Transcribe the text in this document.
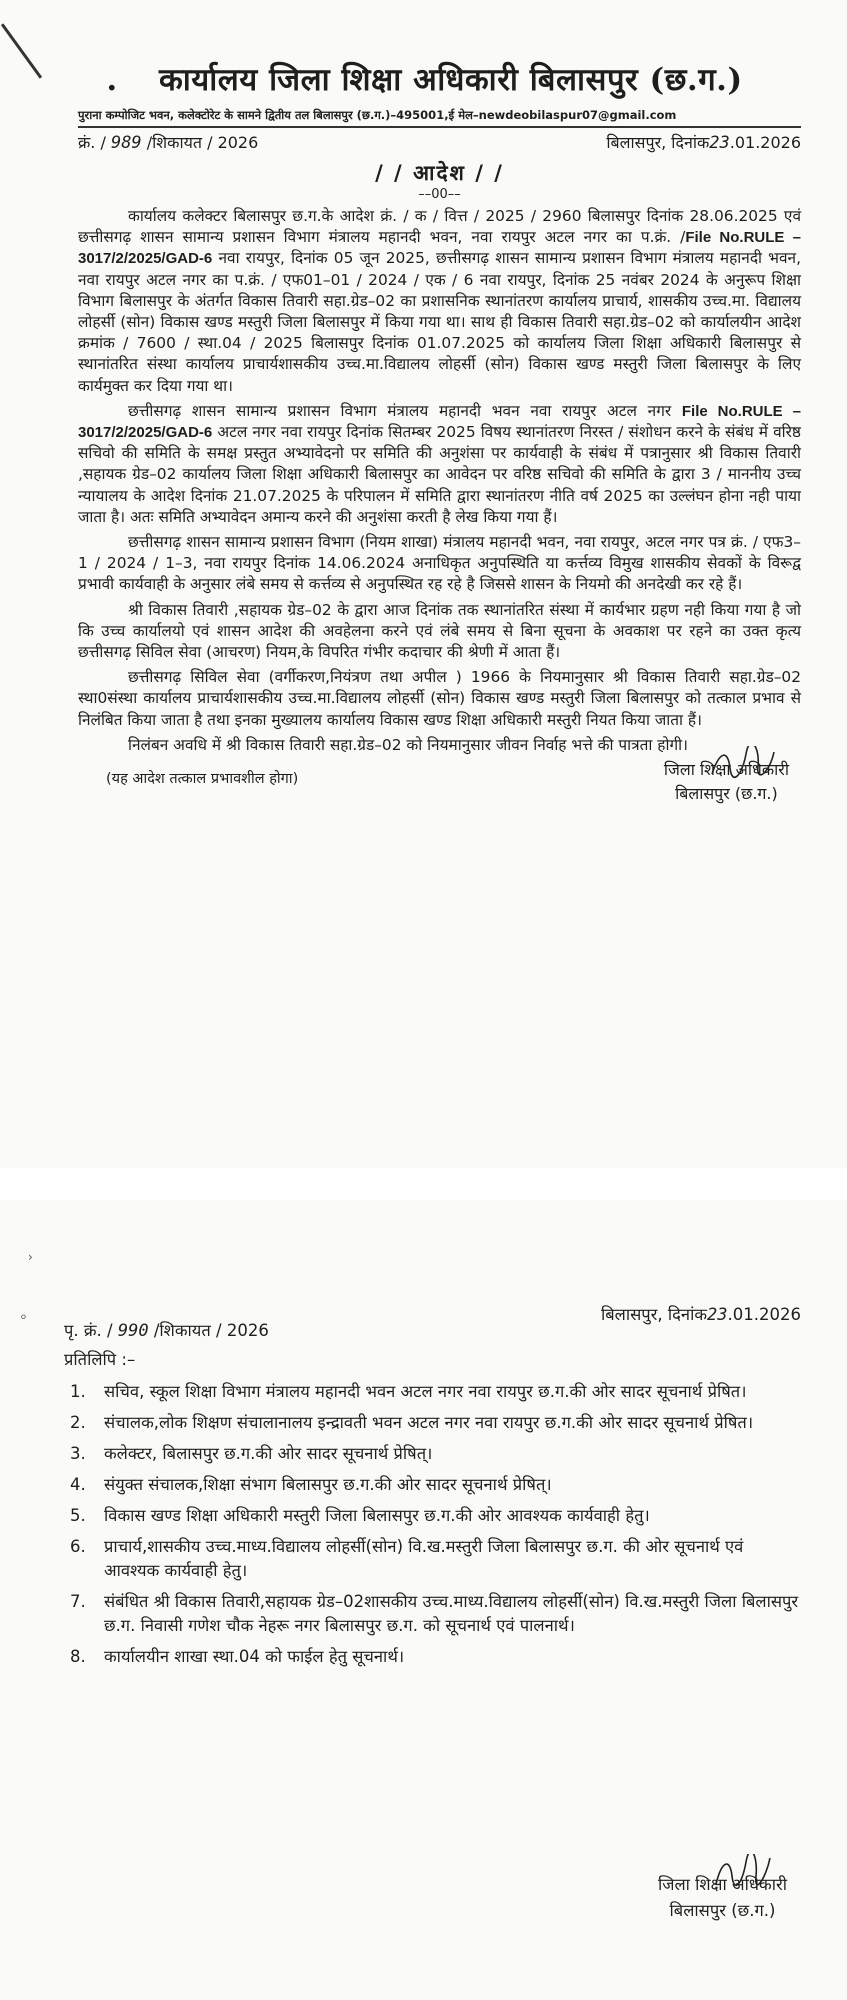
. कार्यालय जिला शिक्षा अधिकारी बिलासपुर (छ.ग.)
पुराना कम्पोजिट भवन, कलेक्टोरेट के सामने द्वितीय तल बिलासपुर (छ.ग.)–495001,ई मेल–newdeobilaspur07@gmail.com
क्रं. / 989 /शिकायत / 2026	बिलासपुर, दिनांक23.01.2026
/ / आदेश / /
––00––

कार्यालय कलेक्टर बिलासपुर छ.ग.के आदेश क्रं. / क / वित्त / 2025 / 2960 बिलासपुर दिनांक 28.06.2025 एवं छत्तीसगढ़ शासन सामान्य प्रशासन विभाग मंत्रालय महानदी भवन, नवा रायपुर अटल नगर का प.क्रं. /File No.RULE – 3017/2/2025/GAD-6 नवा रायपुर, दिनांक 05 जून 2025, छत्तीसगढ़ शासन सामान्य प्रशासन विभाग मंत्रालय महानदी भवन, नवा रायपुर अटल नगर का प.क्रं. / एफ01–01 / 2024 / एक / 6 नवा रायपुर, दिनांक 25 नवंबर 2024 के अनुरूप शिक्षा विभाग बिलासपुर के अंतर्गत विकास तिवारी सहा.ग्रेड–02 का प्रशासनिक स्थानांतरण कार्यालय प्राचार्य, शासकीय उच्च.मा. विद्यालय लोहर्सी (सोन) विकास खण्ड मस्तुरी जिला बिलासपुर में किया गया था। साथ ही विकास तिवारी सहा.ग्रेड–02 को कार्यालयीन आदेश क्रमांक / 7600 / स्था.04 / 2025 बिलासपुर दिनांक 01.07.2025 को कार्यालय जिला शिक्षा अधिकारी बिलासपुर से स्थानांतरित संस्था कार्यालय प्राचार्यशासकीय उच्च.मा.विद्यालय लोहर्सी (सोन) विकास खण्ड मस्तुरी जिला बिलासपुर के लिए कार्यमुक्त कर दिया गया था।

छत्तीसगढ़ शासन सामान्य प्रशासन विभाग मंत्रालय महानदी भवन नवा रायपुर अटल नगर File No.RULE – 3017/2/2025/GAD-6 अटल नगर नवा रायपुर दिनांक सितम्बर 2025 विषय स्थानांतरण निरस्त / संशोधन करने के संबंध में वरिष्ठ सचिवो की समिति के समक्ष प्रस्तुत अभ्यावेदनो पर समिति की अनुशंसा पर कार्यवाही के संबंध में पत्रानुसार श्री विकास तिवारी ,सहायक ग्रेड–02 कार्यालय जिला शिक्षा अधिकारी बिलासपुर का आवेदन पर वरिष्ठ सचिवो की समिति के द्वारा 3 / माननीय उच्च न्यायालय के आदेश दिनांक 21.07.2025 के परिपालन में समिति द्वारा स्थानांतरण नीति वर्ष 2025 का उल्लंघन होना नही पाया जाता है। अतः समिति अभ्यावेदन अमान्य करने की अनुशंसा करती है लेख किया गया हैं।

छत्तीसगढ़ शासन सामान्य प्रशासन विभाग (नियम शाखा) मंत्रालय महानदी भवन, नवा रायपुर, अटल नगर पत्र क्रं. / एफ3–1 / 2024 / 1–3, नवा रायपुर दिनांक 14.06.2024 अनाधिकृत अनुपस्थिति या कर्त्तव्य विमुख शासकीय सेवकों के विरूद्व प्रभावी कार्यवाही के अनुसार लंबे समय से कर्त्तव्य से अनुपस्थित रह रहे है जिससे शासन के नियमो की अनदेखी कर रहे हैं।

श्री विकास तिवारी ,सहायक ग्रेड–02 के द्वारा आज दिनांक तक स्थानांतरित संस्था में कार्यभार ग्रहण नही किया गया है जो कि उच्च कार्यालयो एवं शासन आदेश की अवहेलना करने एवं लंबे समय से बिना सूचना के अवकाश पर रहने का उक्त कृत्य छत्तीसगढ़ सिविल सेवा (आचरण) नियम,के विपरित गंभीर कदाचार की श्रेणी में आता हैं।

छत्तीसगढ़ सिविल सेवा (वर्गीकरण,नियंत्रण तथा अपील ) 1966 के नियमानुसार श्री विकास तिवारी सहा.ग्रेड–02 स्था0संस्था कार्यालय प्राचार्यशासकीय उच्च.मा.विद्यालय लोहर्सी (सोन) विकास खण्ड मस्तुरी जिला बिलासपुर को तत्काल प्रभाव से निलंबित किया जाता है तथा इनका मुख्यालय कार्यालय विकास खण्ड शिक्षा अधिकारी मस्तुरी नियत किया जाता हैं।

निलंबन अवधि में श्री विकास तिवारी सहा.ग्रेड–02 को नियमानुसार जीवन निर्वाह भत्ते की पात्रता होगी।

(यह आदेश तत्काल प्रभावशील होगा)	जिला शिक्षा अधिकारी
बिलासपुर (छ.ग.)
›
⸰
पृ. क्रं. / 990 /शिकायत / 2026
बिलासपुर, दिनांक23.01.2026
प्रतिलिपि :–
1.	सचिव, स्कूल शिक्षा विभाग मंत्रालय महानदी भवन अटल नगर नवा रायपुर छ.ग.की ओर सादर सूचनार्थ प्रेषित।
2.	संचालक,लोक शिक्षण संचालानालय इन्द्रावती भवन अटल नगर नवा रायपुर छ.ग.की ओर सादर सूचनार्थ प्रेषित।
3.	कलेक्टर, बिलासपुर छ.ग.की ओर सादर सूचनार्थ प्रेषित्।
4.	संयुक्त संचालक,शिक्षा संभाग बिलासपुर छ.ग.की ओर सादर सूचनार्थ प्रेषित्।
5.	विकास खण्ड शिक्षा अधिकारी मस्तुरी जिला बिलासपुर छ.ग.की ओर आवश्यक कार्यवाही हेतु।
6.	प्राचार्य,शासकीय उच्च.माध्य.विद्यालय लोहर्सी(सोन) वि.ख.मस्तुरी जिला बिलासपुर छ.ग. की ओर सूचनार्थ एवं आवश्यक कार्यवाही हेतु।
7.	संबंधित श्री विकास तिवारी,सहायक ग्रेड–02शासकीय उच्च.माध्य.विद्यालय लोहर्सी(सोन) वि.ख.मस्तुरी जिला बिलासपुर छ.ग. निवासी गणेश चौक नेहरू नगर बिलासपुर छ.ग. को सूचनार्थ एवं पालनार्थ।
8.	कार्यालयीन शाखा स्था.04 को फाईल हेतु सूचनार्थ।
जिला शिक्षा अधिकारी
बिलासपुर (छ.ग.)
